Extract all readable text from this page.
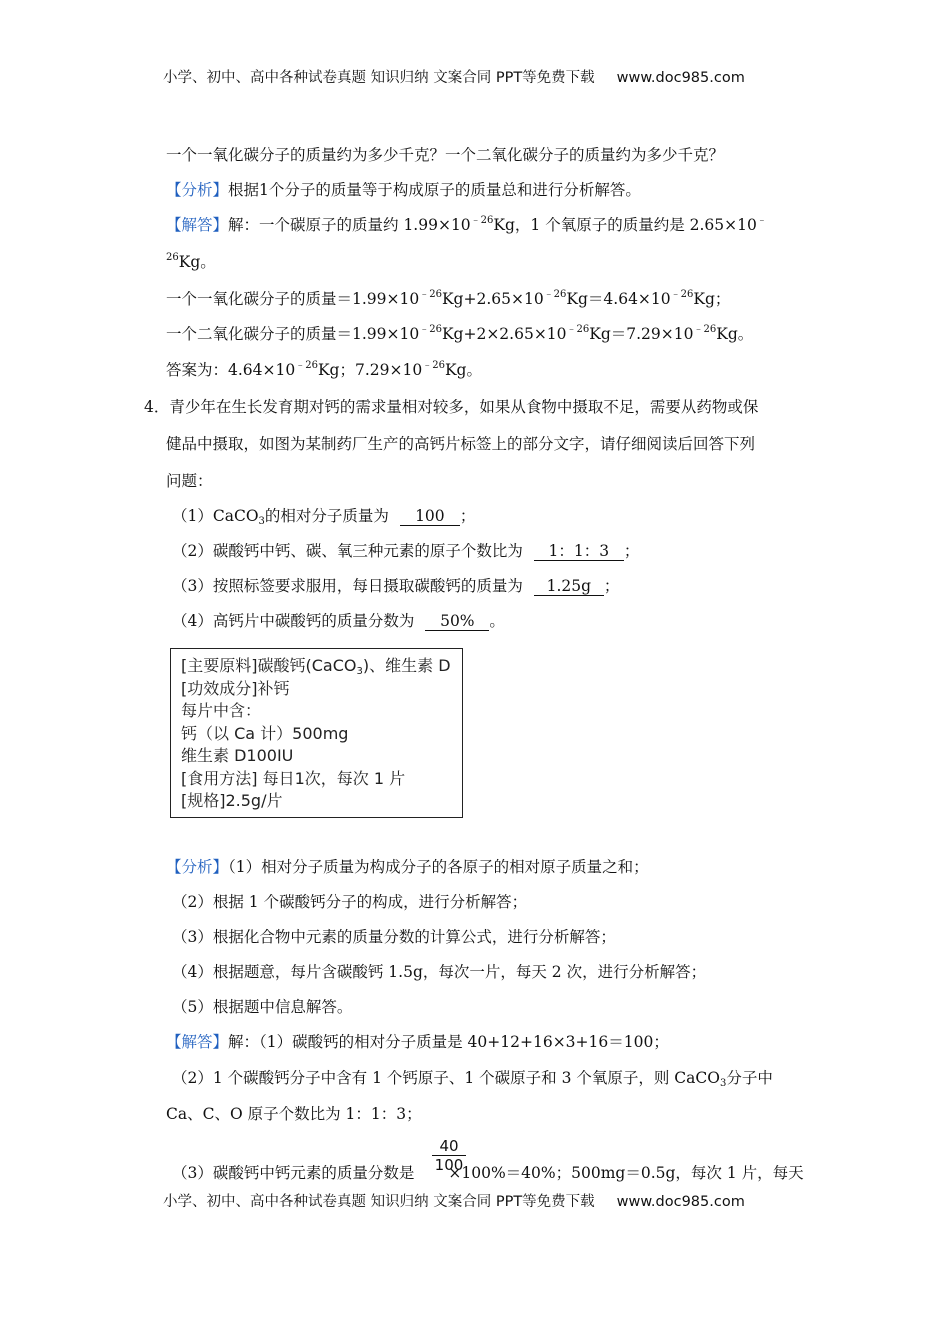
小学、初中、高中各种试卷真题 知识归纳 文案合同 PPT等免费下载 www.doc985.com
一个一氧化碳分子的质量约为多少千克？一个二氧化碳分子的质量约为多少千克？
【分析】根据1个分子的质量等于构成原子的质量总和进行分析解答。
【解答】解：一个碳原子的质量约 $1.99\times 10^{﹣26}Kg$，1 个氧原子的质量约是 2.65×10﹣
$^{26}$Kg。
一个一氧化碳分子的质量$=1.99\times 10^{﹣26}Kg+2.65\times 10^{﹣26}Kg=4.64\times 10^{﹣26}Kg$；
一个二氧化碳分子的质量$=1.99\times 10^{﹣26}Kg+2\times 2.65\times 10^{﹣26}Kg=7.29\times 10^{﹣26}Kg$。
答案为：$4.64\times 10^{﹣26}Kg$；$7.29\times 10^{﹣26}Kg$。
4．青少年在生长发育期对钙的需求量相对较多，如果从食物中摄取不足，需要从药物或保
健品中摄取，如图为某制药厂生产的高钙片标签上的部分文字，请仔细阅读后回答下列
问题：
（1）CaCO$_3$的相对分子质量为 100 ；
（2）碳酸钙中钙、碳、氧三种元素的原子个数比为 1：1：3 ；
（3）按照标签要求服用，每日摄取碳酸钙的质量为 1.25g ；
（4）高钙片中碳酸钙的质量分数为 50% 。
[主要原料]碳酸钙(CaCO$_3$)、维生素 D
[功效成分]补钙
每片中含：
钙（以 Ca 计）500mg
维生素 D100IU
[食用方法] 每日1次，每次 1 片
[规格]2.5g/片
【分析】（1）相对分子质量为构成分子的各原子的相对原子质量之和；
（2）根据 1 个碳酸钙分子的构成，进行分析解答；
（3）根据化合物中元素的质量分数的计算公式，进行分析解答；
（4）根据题意，每片含碳酸钙 1.5g，每次一片，每天 2 次，进行分析解答；
（5）根据题中信息解答。
【解答】解：（1）碳酸钙的相对分子质量是 40+12+16×3+16＝100；
（2）1 个碳酸钙分子中含有 1 个钙原子、1 个碳原子和 3 个氧原子，则 CaCO$_3$分子中
Ca、C、O 原子个数比为 1：1：3；
$\frac{40}{100}$
（3）碳酸钙中钙元素的质量分数是 ×100%＝40%；500mg＝0.5g，每次 1 片，每天
小学、初中、高中各种试卷真题 知识归纳 文案合同 PPT等免费下载 www.doc985.com
